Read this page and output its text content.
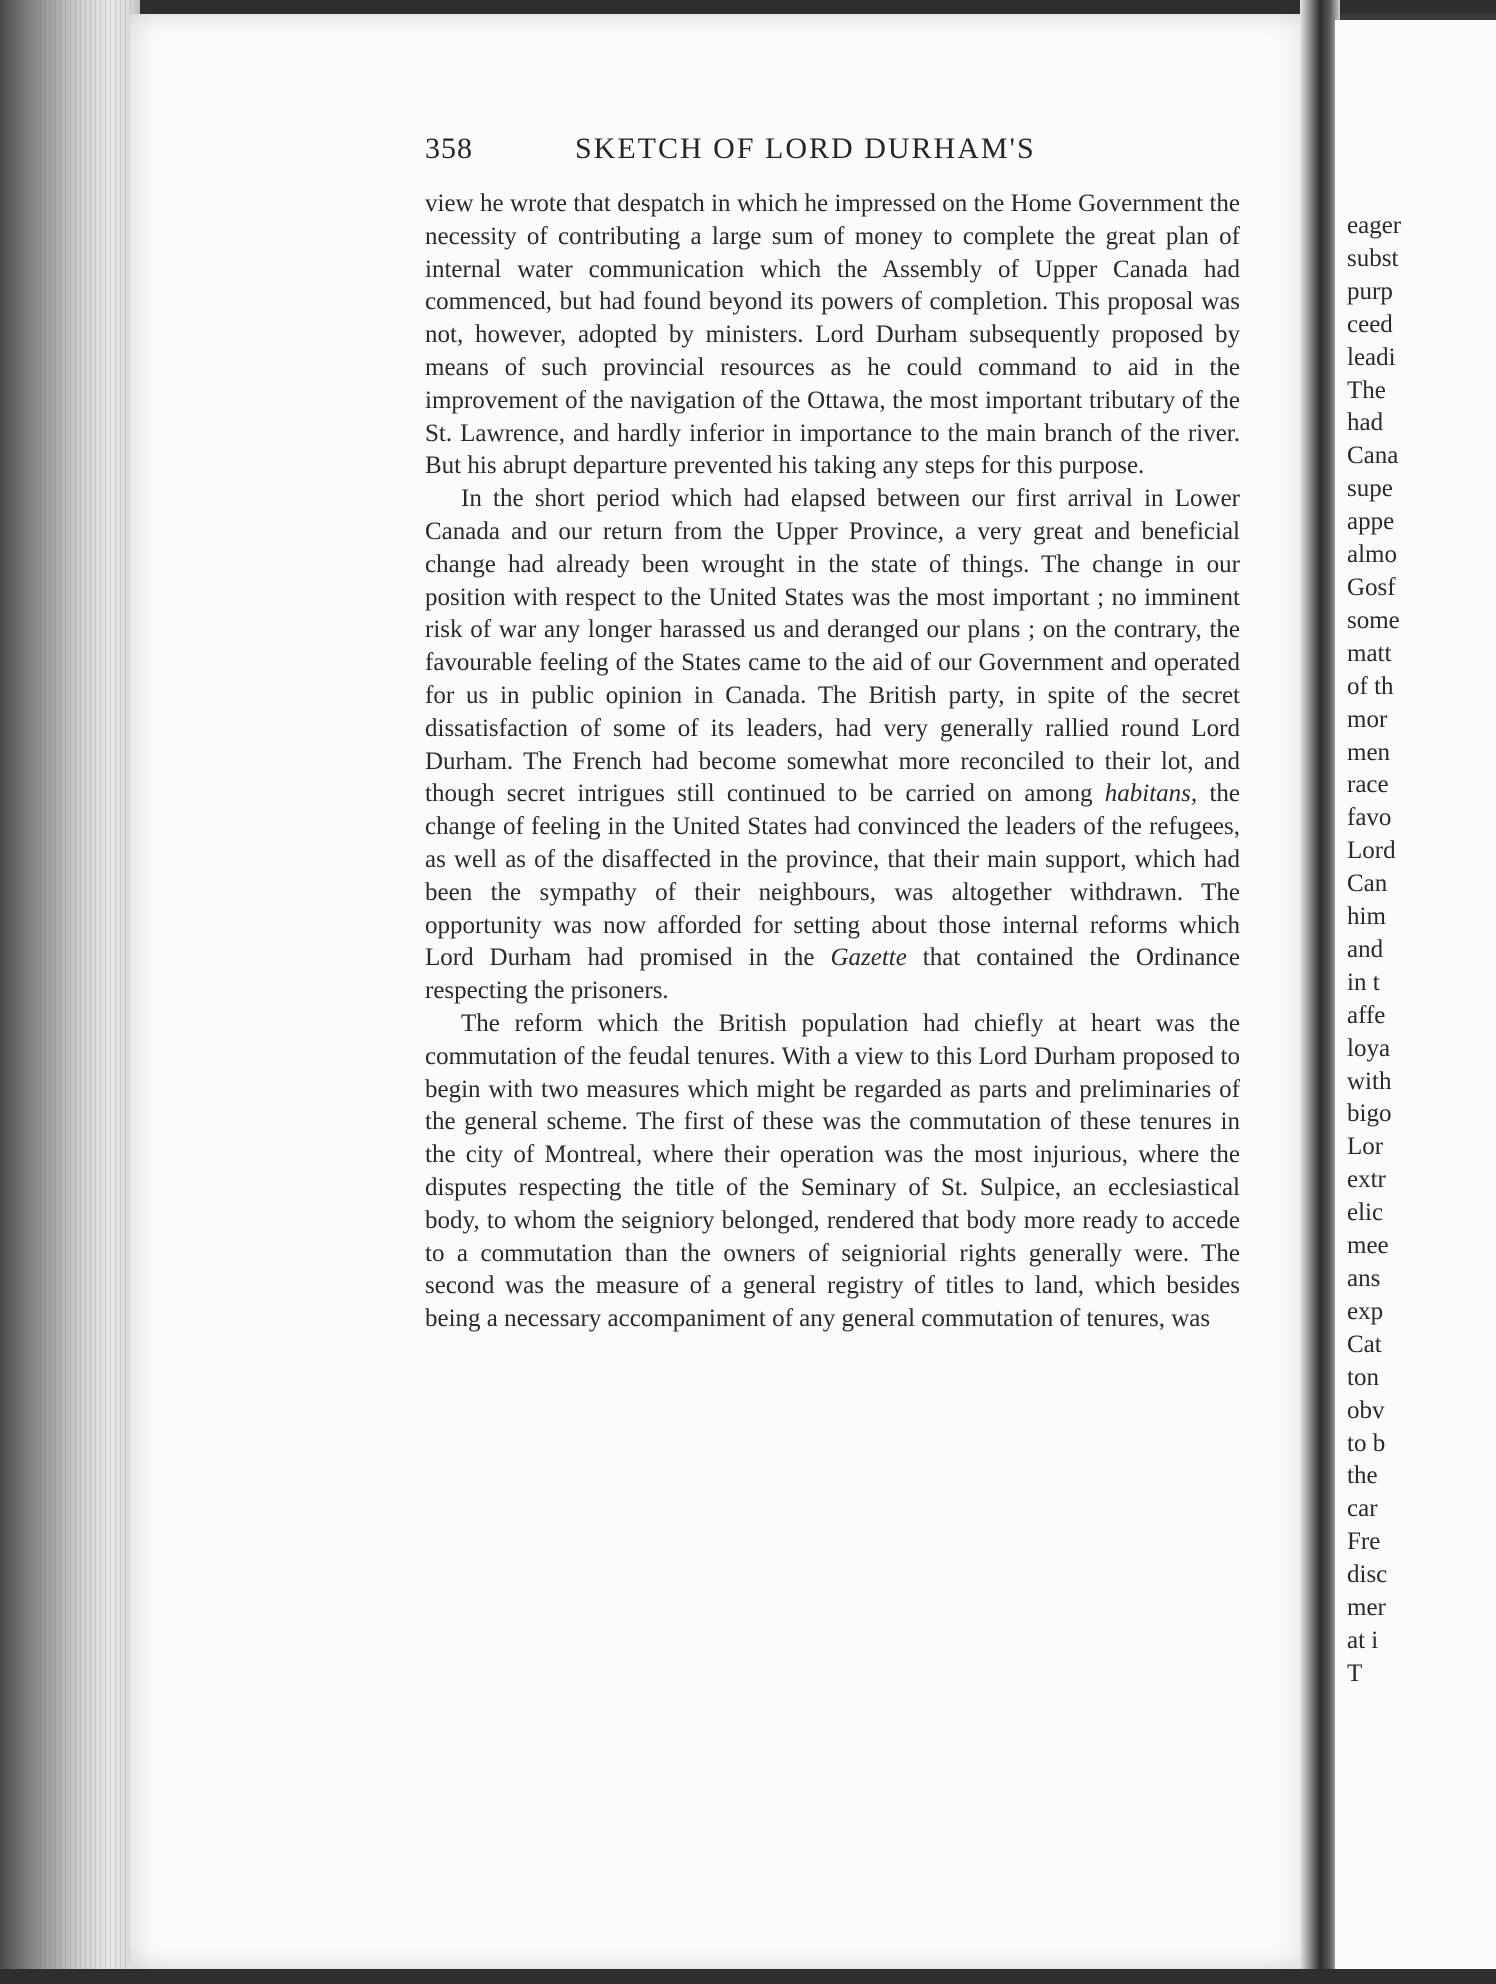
eager
subst
purp
ceed
leadi
The
had
Cana
supe
appe
almo
Gosf
some
matt
of th
mor
men
race
favo
Lord
Can
him
and
in t
affe
loya
with
bigo
Lor
extr
elic
mee
ans
exp
Cat
ton
obv
to b
the
car
Fre
disc
mer
at i
T
358	SKETCH OF LORD DURHAM'S

view he wrote that despatch in which he impressed on the Home Government the necessity of contributing a large sum of money to complete the great plan of internal water communication which the Assembly of Upper Canada had commenced, but had found beyond its powers of completion. This proposal was not, however, adopted by ministers. Lord Durham subsequently proposed by means of such provincial resources as he could command to aid in the improvement of the navigation of the Ottawa, the most important tributary of the St. Lawrence, and hardly inferior in importance to the main branch of the river. But his abrupt departure prevented his taking any steps for this purpose.

In the short period which had elapsed between our first arrival in Lower Canada and our return from the Upper Province, a very great and beneficial change had already been wrought in the state of things. The change in our position with respect to the United States was the most important ; no imminent risk of war any longer harassed us and deranged our plans ; on the contrary, the favourable feeling of the States came to the aid of our Government and operated for us in public opinion in Canada. The British party, in spite of the secret dissatisfaction of some of its leaders, had very generally rallied round Lord Durham. The French had become somewhat more reconciled to their lot, and though secret intrigues still continued to be carried on among habitans, the change of feeling in the United States had convinced the leaders of the refugees, as well as of the disaffected in the province, that their main support, which had been the sympathy of their neighbours, was altogether withdrawn. The opportunity was now afforded for setting about those internal reforms which Lord Durham had promised in the Gazette that contained the Ordinance respecting the prisoners.

The reform which the British population had chiefly at heart was the commutation of the feudal tenures. With a view to this Lord Durham proposed to begin with two measures which might be regarded as parts and preliminaries of the general scheme. The first of these was the commutation of these tenures in the city of Montreal, where their operation was the most injurious, where the disputes respecting the title of the Seminary of St. Sulpice, an ecclesiastical body, to whom the seigniory belonged, rendered that body more ready to accede to a commutation than the owners of seigniorial rights generally were. The second was the measure of a general registry of titles to land, which besides being a necessary accompaniment of any general commutation of tenures, was
